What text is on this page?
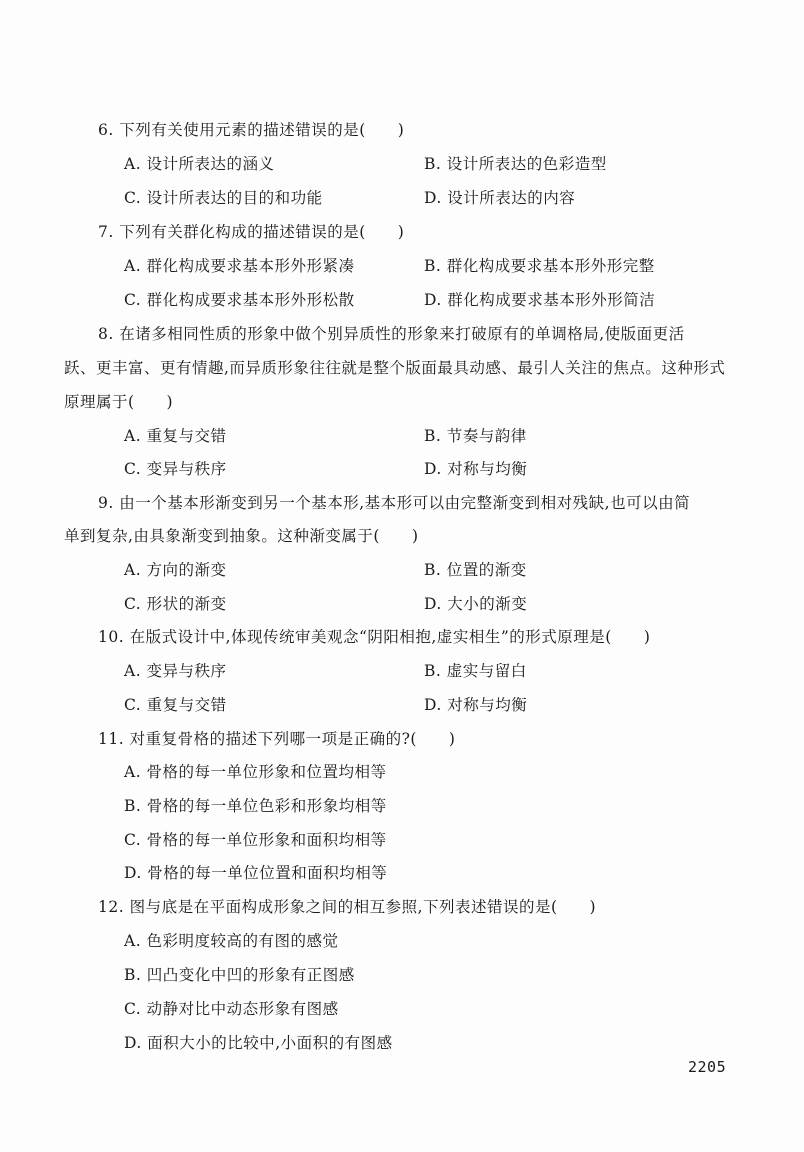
6. 下列有关使用元素的描述错误的是(　　)
A. 设计所表达的涵义	B. 设计所表达的色彩造型
C. 设计所表达的目的和功能	D. 设计所表达的内容
7. 下列有关群化构成的描述错误的是(　　)
A. 群化构成要求基本形外形紧凑	B. 群化构成要求基本形外形完整
C. 群化构成要求基本形外形松散	D. 群化构成要求基本形外形简洁
8. 在诸多相同性质的形象中做个别异质性的形象来打破原有的单调格局,使版面更活
跃、更丰富、更有情趣,而异质形象往往就是整个版面最具动感、最引人关注的焦点。这种形式
原理属于(　　)
A. 重复与交错	B. 节奏与韵律
C. 变异与秩序	D. 对称与均衡
9. 由一个基本形渐变到另一个基本形,基本形可以由完整渐变到相对残缺,也可以由简
单到复杂,由具象渐变到抽象。这种渐变属于(　　)
A. 方向的渐变	B. 位置的渐变
C. 形状的渐变	D. 大小的渐变
10. 在版式设计中,体现传统审美观念“阴阳相抱,虚实相生”的形式原理是(　　)
A. 变异与秩序	B. 虚实与留白
C. 重复与交错	D. 对称与均衡
11. 对重复骨格的描述下列哪一项是正确的?(　　)
A. 骨格的每一单位形象和位置均相等
B. 骨格的每一单位色彩和形象均相等
C. 骨格的每一单位形象和面积均相等
D. 骨格的每一单位位置和面积均相等
12. 图与底是在平面构成形象之间的相互参照,下列表述错误的是(　　)
A. 色彩明度较高的有图的感觉
B. 凹凸变化中凹的形象有正图感
C. 动静对比中动态形象有图感
D. 面积大小的比较中,小面积的有图感
2205
